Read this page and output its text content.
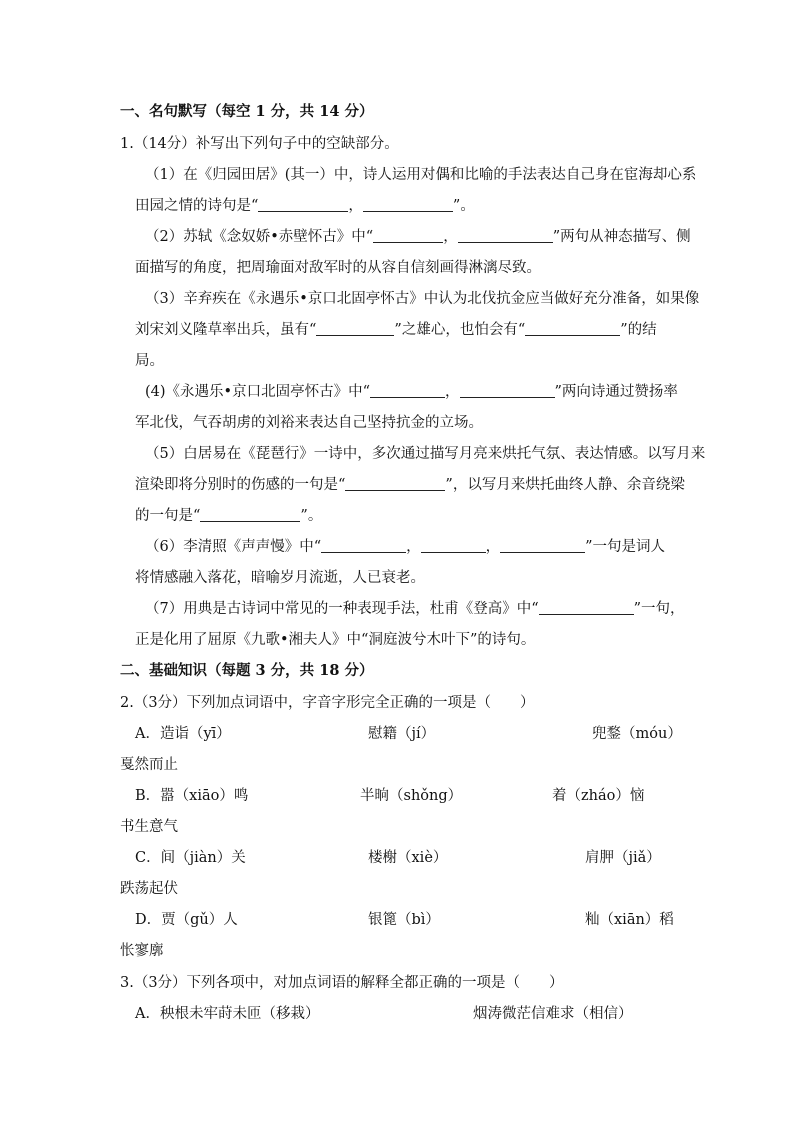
一、名句默写（每空 1 分，共 14 分）
1.（14分）补写出下列句子中的空缺部分。
（1）在《归园田居》(其一）中，诗人运用对偶和比喻的手法表达自己身在宦海却心系
田园之情的诗句是“	，	”。
（2）苏轼《念奴娇•赤壁怀古》中“	，	”两句从神态描写、侧
面描写的角度，把周瑜面对敌军时的从容自信刻画得淋漓尽致。
（3）辛弃疾在《永遇乐•京口北固亭怀古》中认为北伐抗金应当做好充分准备，如果像
刘宋刘义隆草率出兵，虽有“	”之雄心，也怕会有“	”的结
局。
(4)《永遇乐•京口北固亭怀古》中“	，	”两向诗通过赞扬率
军北伐，气吞胡虏的刘裕来表达自己坚持抗金的立场。
（5）白居易在《琵琶行》一诗中，多次通过描写月亮来烘托气氛、表达情感。以写月来
渲染即将分别时的伤感的一句是“	”，以写月来烘托曲终人静、余音绕梁
的一句是“	”。
（6）李清照《声声慢》中“	，	，	”一句是词人
将情感融入落花，暗喻岁月流逝，人已衰老。
（7）用典是古诗词中常见的一种表现手法，杜甫《登高》中“	”一句，
正是化用了屈原《九歌•湘夫人》中“洞庭波兮木叶下”的诗句。
二、基础知识（每题 3 分，共 18 分）
2.（3分）下列加点词语中，字音字形完全正确的一项是（　　）
A．造诣（yī）	慰籍（jí）	兜鍪（móu）
戛然而止
B．嚣（xiāo）鸣	半晌（shǒng）	着（zháo）恼
书生意气
C．间（jiàn）关	楼榭（xiè）	肩胛（jiǎ）
跌荡起伏
D．贾（gǔ）人	银篦（bì）	籼（xiān）稻
怅寥廓
3.（3分）下列各项中，对加点词语的解释全都正确的一项是（　　）
A．秧根未牢莳未匝（移栽）	烟涛微茫信难求（相信）
